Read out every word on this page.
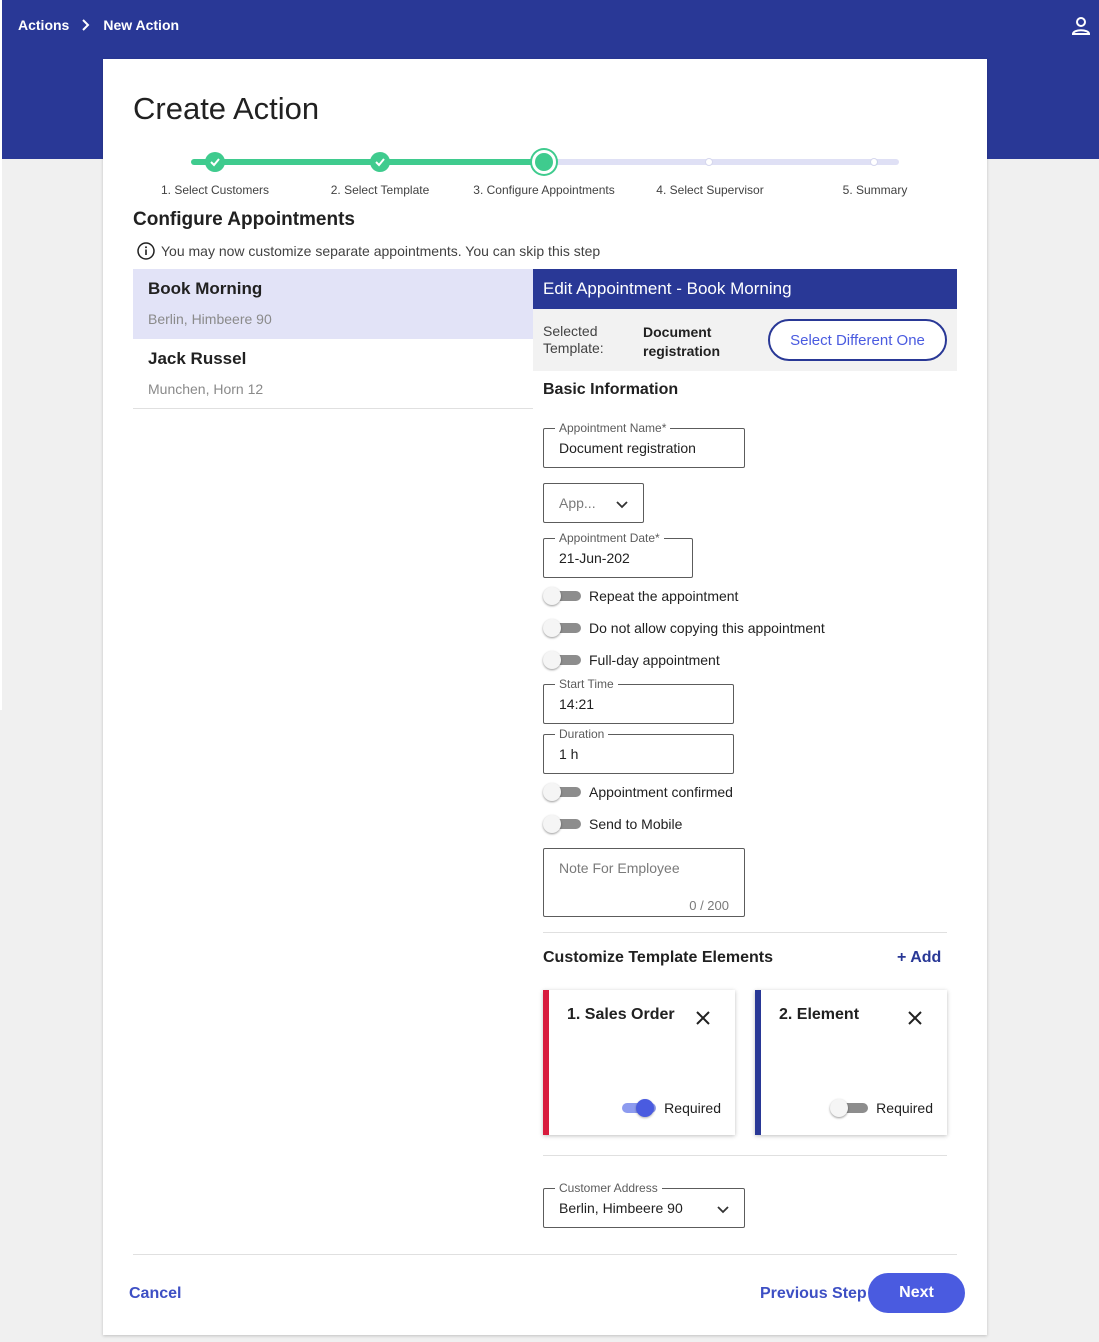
Actions New Action
Create Action
1. Select Customers	2. Select Template	3. Configure Appointments	4. Select Supervisor	5. Summary
Configure Appointments
You may now customize separate appointments. You can skip this step
Book Morning
Berlin, Himbeere 90
Jack Russel
Munchen, Horn 12
Edit Appointment - Book Morning
Selected Template:
Document registration
Select Different One
Basic Information
Appointment Name*
Document registration
App...
Appointment Date*
21-Jun-202
Repeat the appointment
Do not allow copying this appointment
Full-day appointment
Start Time
14:21
Duration
1 h
Appointment confirmed
Send to Mobile
Note For Employee
0 / 200
Customize Template Elements	+ Add
1. Sales Order
Required
2. Element
Required
Customer Address
Berlin, Himbeere 90
Cancel	Previous Step	Next
